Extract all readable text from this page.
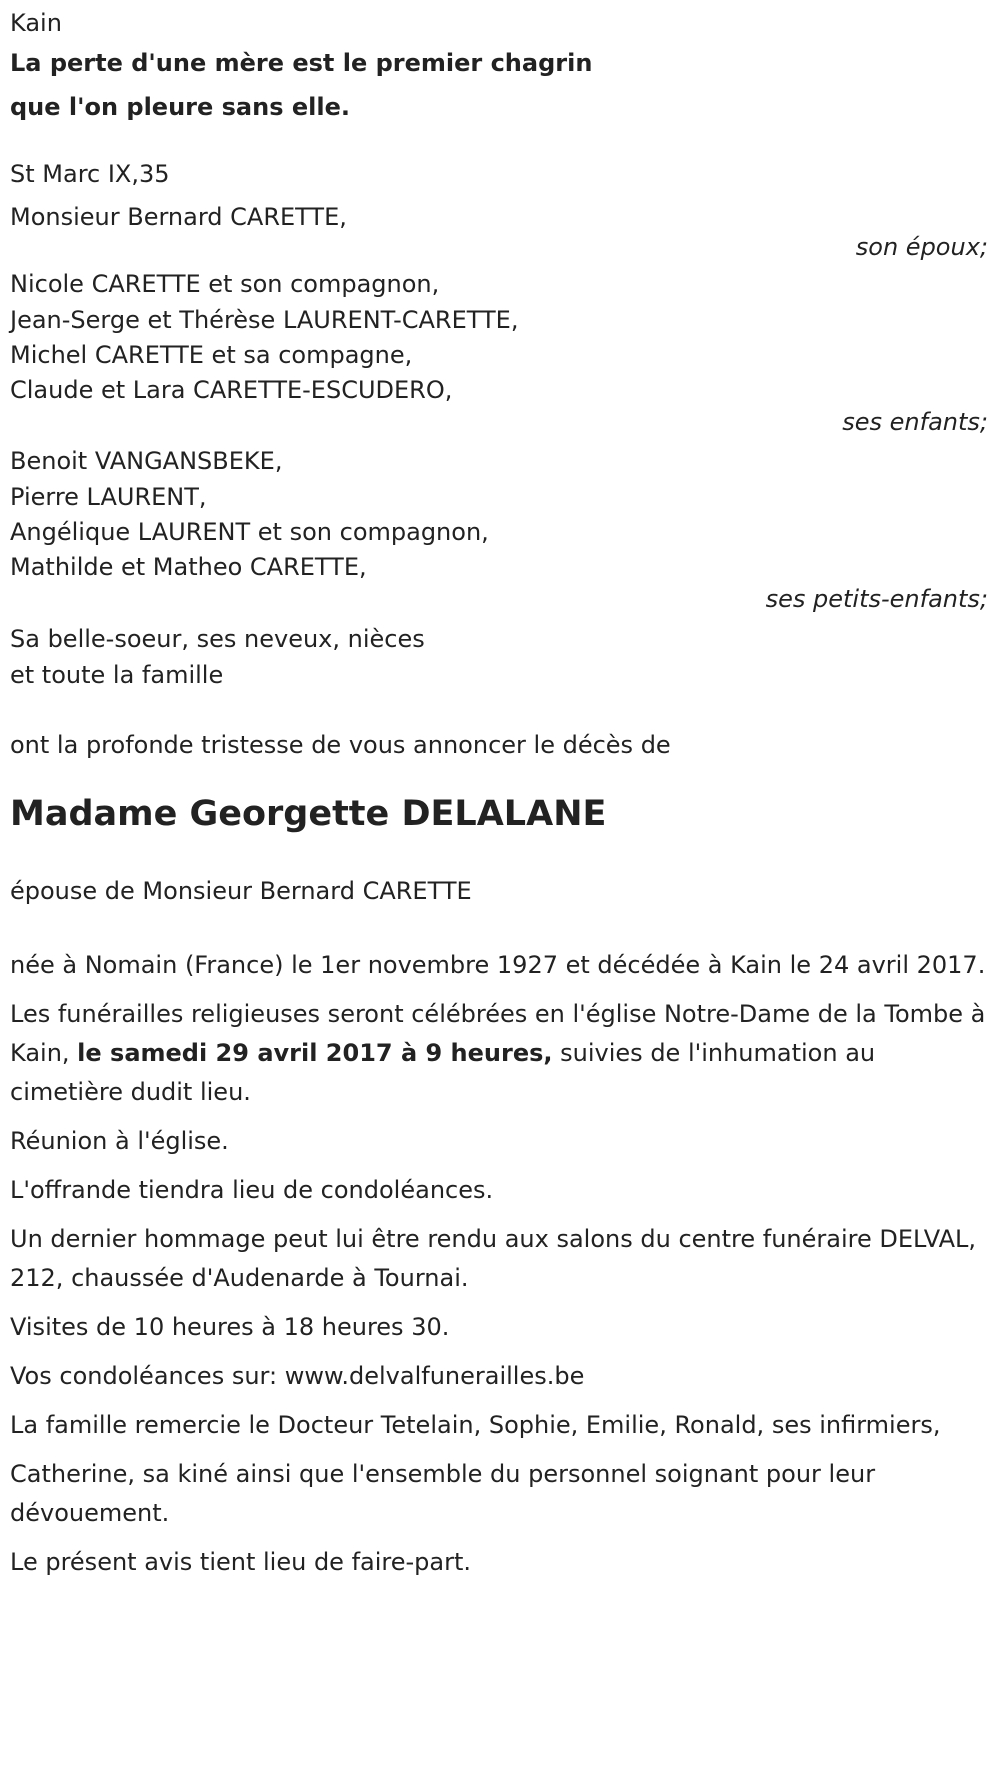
Kain

La perte d'une mère est le premier chagrin

que l'on pleure sans elle.

St Marc IX,35

Monsieur Bernard CARETTE,

son époux;

Nicole CARETTE et son compagnon,

Jean-Serge et Thérèse LAURENT-CARETTE,

Michel CARETTE et sa compagne,

Claude et Lara CARETTE-ESCUDERO,

ses enfants;

Benoit VANGANSBEKE,

Pierre LAURENT,

Angélique LAURENT et son compagnon,

Mathilde et Matheo CARETTE,

ses petits-enfants;

Sa belle-soeur, ses neveux, nièces

et toute la famille

ont la profonde tristesse de vous annoncer le décès de

Madame Georgette DELALANE

épouse de Monsieur Bernard CARETTE

née à Nomain (France) le 1er novembre 1927 et décédée à Kain le 24 avril 2017.

Les funérailles religieuses seront célébrées en l'église Notre-Dame de la Tombe à Kain, le samedi 29 avril 2017 à 9 heures, suivies de l'inhumation au cimetière dudit lieu.

Réunion à l'église.

L'offrande tiendra lieu de condoléances.

Un dernier hommage peut lui être rendu aux salons du centre funéraire DELVAL, 212, chaussée d'Audenarde à Tournai.

Visites de 10 heures à 18 heures 30.

Vos condoléances sur: www.delvalfunerailles.be

La famille remercie le Docteur Tetelain, Sophie, Emilie, Ronald, ses infirmiers,

Catherine, sa kiné ainsi que l'ensemble du personnel soignant pour leur dévouement.

Le présent avis tient lieu de faire-part.
